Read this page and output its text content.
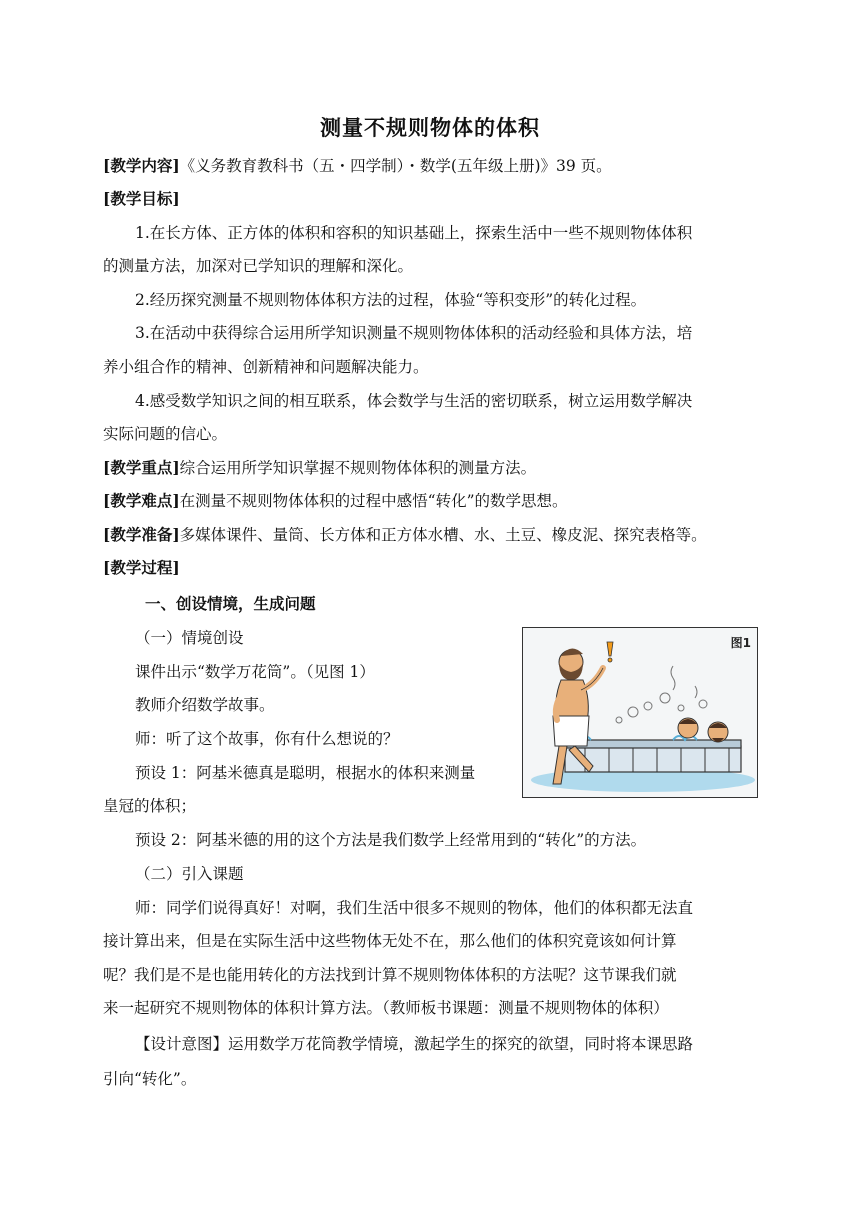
测量不规则物体的体积
[教学内容]《义务教育教科书（五・四学制）・数学(五年级上册)》39 页。
[教学目标]
1.在长方体、正方体的体积和容积的知识基础上，探索生活中一些不规则物体体积
的测量方法，加深对已学知识的理解和深化。
2.经历探究测量不规则物体体积方法的过程，体验“等积变形”的转化过程。
3.在活动中获得综合运用所学知识测量不规则物体体积的活动经验和具体方法，培
养小组合作的精神、创新精神和问题解决能力。
4.感受数学知识之间的相互联系，体会数学与生活的密切联系，树立运用数学解决
实际问题的信心。
[教学重点]综合运用所学知识掌握不规则物体体积的测量方法。
[教学难点]在测量不规则物体体积的过程中感悟“转化”的数学思想。
[教学准备]多媒体课件、量筒、长方体和正方体水槽、水、土豆、橡皮泥、探究表格等。
[教学过程]
一、创设情境，生成问题
（一）情境创设
课件出示“数学万花筒”。（见图 1）
教师介绍数学故事。
师：听了这个故事，你有什么想说的？
预设 1：阿基米德真是聪明，根据水的体积来测量
皇冠的体积；
预设 2：阿基米德的用的这个方法是我们数学上经常用到的“转化”的方法。
（二）引入课题
师：同学们说得真好！对啊，我们生活中很多不规则的物体，他们的体积都无法直
接计算出来，但是在实际生活中这些物体无处不在，那么他们的体积究竟该如何计算
呢？我们是不是也能用转化的方法找到计算不规则物体体积的方法呢？这节课我们就
来一起研究不规则物体的体积计算方法。（教师板书课题：测量不规则物体的体积）
【设计意图】运用数学万花筒教学情境，激起学生的探究的欲望，同时将本课思路
引向“转化”。
图1
